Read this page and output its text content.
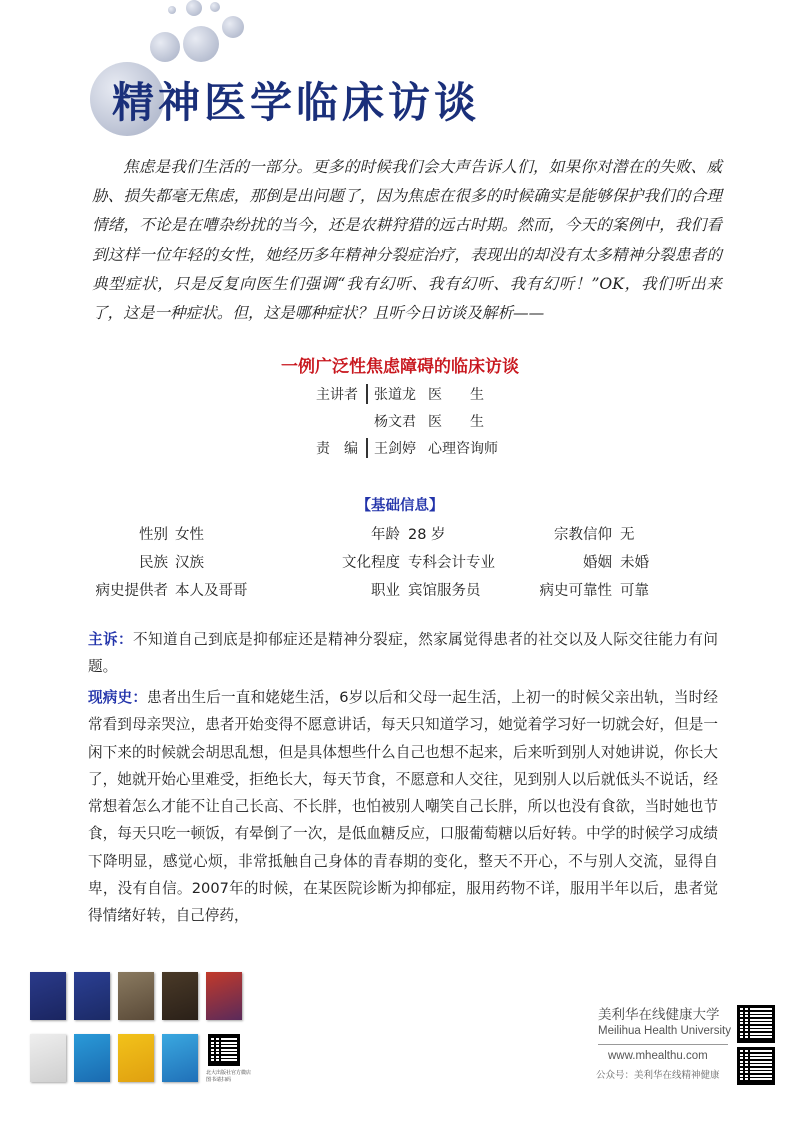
精神医学临床访谈

焦虑是我们生活的一部分。更多的时候我们会大声告诉人们，如果你对潜在的失败、威胁、损失都毫无焦虑，那倒是出问题了，因为焦虑在很多的时候确实是能够保护我们的合理情绪，不论是在嘈杂纷扰的当今，还是农耕狩猎的远古时期。然而，今天的案例中，我们看到这样一位年轻的女性，她经历多年精神分裂症治疗，表现出的却没有太多精神分裂患者的典型症状，只是反复向医生们强调“我有幻听、我有幻听、我有幻听！”OK，我们听出来了，这是一种症状。但，这是哪种症状？且听今日访谈及解析——

一例广泛性焦虑障碍的临床访谈
主讲者 张道龙 医　　生
杨文君 医　　生
责　编 王剑婷 心理咨询师
【基础信息】
性别 女性	年龄 28 岁	宗教信仰 无
民族 汉族	文化程度 专科会计专业	婚姻 未婚
病史提供者 本人及哥哥	职业 宾馆服务员	病史可靠性 可靠

主诉：不知道自己到底是抑郁症还是精神分裂症，然家属觉得患者的社交以及人际交往能力有问题。

现病史：患者出生后一直和姥姥生活，6岁以后和父母一起生活，上初一的时候父亲出轨，当时经常看到母亲哭泣，患者开始变得不愿意讲话，每天只知道学习，她觉着学习好一切就会好，但是一闲下来的时候就会胡思乱想，但是具体想些什么自己也想不起来，后来听到别人对她讲说，你长大了，她就开始心里难受，拒绝长大，每天节食，不愿意和人交往，见到别人以后就低头不说话，经常想着怎么才能不让自己长高、不长胖，也怕被别人嘲笑自己长胖，所以也没有食欲，当时她也节食，每天只吃一顿饭，有晕倒了一次，是低血糖反应，口服葡萄糖以后好转。中学的时候学习成绩下降明显，感觉心烦，非常抵触自己身体的青春期的变化，整天不开心，不与别人交流，显得自卑，没有自信。2007年的时候，在某医院诊断为抑郁症，服用药物不详，服用半年以后，患者觉得情绪好转，自己停药，

北大出版社官方微店
图书请扫码
美利华在线健康大学
Meilihua Health University
www.mhealthu.com
公众号：美利华在线精神健康
